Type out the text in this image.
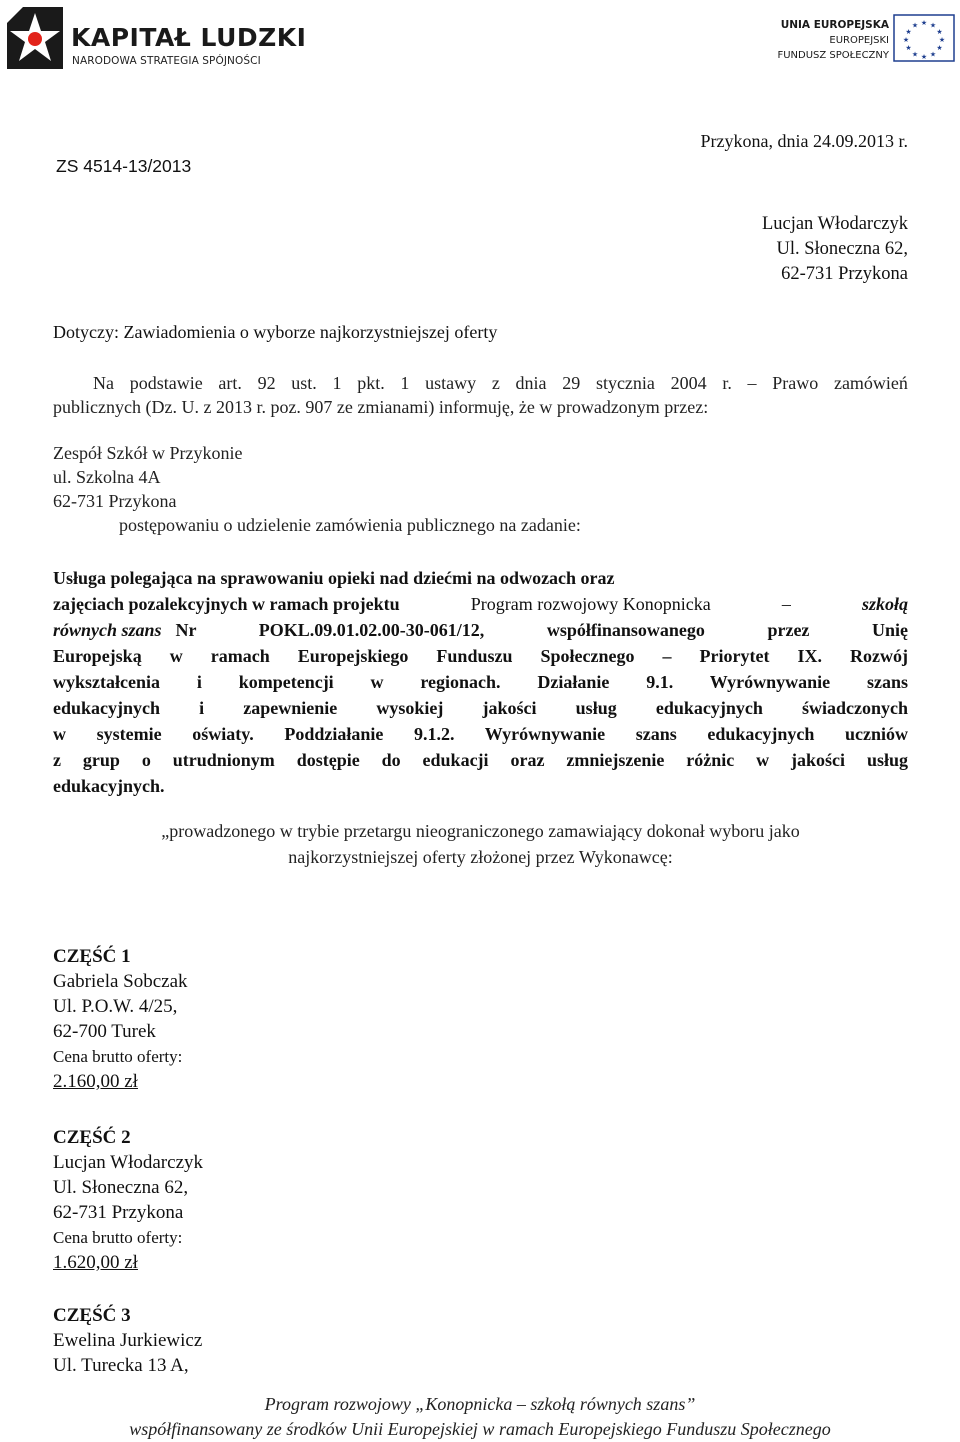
KAPITAŁ LUDZKI
NARODOWA STRATEGIA SPÓJNOŚCI
UNIA EUROPEJSKA
EUROPEJSKI
FUNDUSZ SPOŁECZNY
★ ★
★
★
★
★
★
★
★
★
★
★
ZS 4514-13/2013
Przykona, dnia 24.09.2013 r.
Lucjan Włodarczyk
Ul. Słoneczna 62,
62-731 Przykona
Dotyczy: Zawiadomienia o wyborze najkorzystniejszej oferty
Na podstawie art. 92 ust. 1 pkt. 1 ustawy z dnia 29 stycznia 2004 r. – Prawo zamówień
publicznych (Dz. U. z 2013 r. poz. 907 ze zmianami) informuję, że w prowadzonym przez:
Zespół Szkół w Przykonie
ul. Szkolna 4A
62-731 Przykona
postępowaniu o udzielenie zamówienia publicznego na zadanie:
Usługa polegająca na sprawowaniu opieki nad dziećmi na odwozach oraz
zajęciach pozalekcyjnych w ramach projektu	Program rozwojowy Konopnicka	–	szkołą
równych szans Nr POKL.09.01.02.00-30-061/12, współfinansowanego przez Unię
Europejską w ramach Europejskiego Funduszu Społecznego – Priorytet IX. Rozwój
wykształcenia i kompetencji w regionach. Działanie 9.1. Wyrównywanie szans
edukacyjnych i zapewnienie wysokiej jakości usług edukacyjnych świadczonych
w systemie oświaty. Poddziałanie 9.1.2. Wyrównywanie szans edukacyjnych uczniów
z grup o utrudnionym dostępie do edukacji oraz zmniejszenie różnic w jakości usług
edukacyjnych.
„prowadzonego w trybie przetargu nieograniczonego zamawiający dokonał wyboru jako
najkorzystniejszej oferty złożonej przez Wykonawcę:
CZĘŚĆ 1
Gabriela Sobczak
Ul. P.O.W. 4/25,
62-700 Turek
Cena brutto oferty:
2.160,00 zł
CZĘŚĆ 2
Lucjan Włodarczyk
Ul. Słoneczna 62,
62-731 Przykona
Cena brutto oferty:
1.620,00 zł
CZĘŚĆ 3
Ewelina Jurkiewicz
Ul. Turecka 13 A,
Program rozwojowy „Konopnicka – szkołą równych szans”
współfinansowany ze środków Unii Europejskiej w ramach Europejskiego Funduszu Społecznego
